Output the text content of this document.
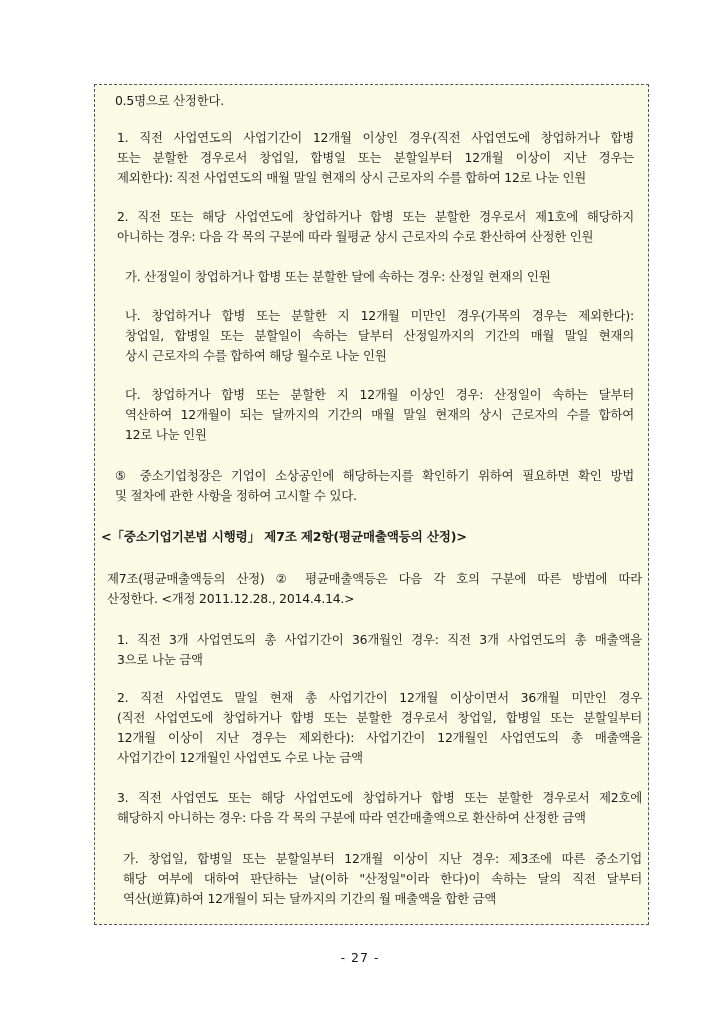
0.5명으로 산정한다.
1. 직전 사업연도의 사업기간이 12개월 이상인 경우(직전 사업연도에 창업하거나 합병
또는 분할한 경우로서 창업일, 합병일 또는 분할일부터 12개월 이상이 지난 경우는
제외한다): 직전 사업연도의 매월 말일 현재의 상시 근로자의 수를 합하여 12로 나눈 인원
2. 직전 또는 해당 사업연도에 창업하거나 합병 또는 분할한 경우로서 제1호에 해당하지
아니하는 경우: 다음 각 목의 구분에 따라 월평균 상시 근로자의 수로 환산하여 산정한 인원
가. 산정일이 창업하거나 합병 또는 분할한 달에 속하는 경우: 산정일 현재의 인원
나. 창업하거나 합병 또는 분할한 지 12개월 미만인 경우(가목의 경우는 제외한다):
창업일, 합병일 또는 분할일이 속하는 달부터 산정일까지의 기간의 매월 말일 현재의
상시 근로자의 수를 합하여 해당 월수로 나눈 인원
다. 창업하거나 합병 또는 분할한 지 12개월 이상인 경우: 산정일이 속하는 달부터
역산하여 12개월이 되는 달까지의 기간의 매월 말일 현재의 상시 근로자의 수를 합하여
12로 나눈 인원
⑤ 중소기업청장은 기업이 소상공인에 해당하는지를 확인하기 위하여 필요하면 확인 방법
및 절차에 관한 사항을 정하여 고시할 수 있다.
<「중소기업기본법 시행령」 제7조 제2항(평균매출액등의 산정)>
제7조(평균매출액등의 산정) ② 평균매출액등은 다음 각 호의 구분에 따른 방법에 따라
산정한다. <개정 2011.12.28., 2014.4.14.>
1. 직전 3개 사업연도의 총 사업기간이 36개월인 경우: 직전 3개 사업연도의 총 매출액을
3으로 나눈 금액
2. 직전 사업연도 말일 현재 총 사업기간이 12개월 이상이면서 36개월 미만인 경우
(직전 사업연도에 창업하거나 합병 또는 분할한 경우로서 창업일, 합병일 또는 분할일부터
12개월 이상이 지난 경우는 제외한다): 사업기간이 12개월인 사업연도의 총 매출액을
사업기간이 12개월인 사업연도 수로 나눈 금액
3. 직전 사업연도 또는 해당 사업연도에 창업하거나 합병 또는 분할한 경우로서 제2호에
해당하지 아니하는 경우: 다음 각 목의 구분에 따라 연간매출액으로 환산하여 산정한 금액
가. 창업일, 합병일 또는 분할일부터 12개월 이상이 지난 경우: 제3조에 따른 중소기업
해당 여부에 대하여 판단하는 날(이하 "산정일"이라 한다)이 속하는 달의 직전 달부터
역산(逆算)하여 12개월이 되는 달까지의 기간의 월 매출액을 합한 금액
- 27 -
